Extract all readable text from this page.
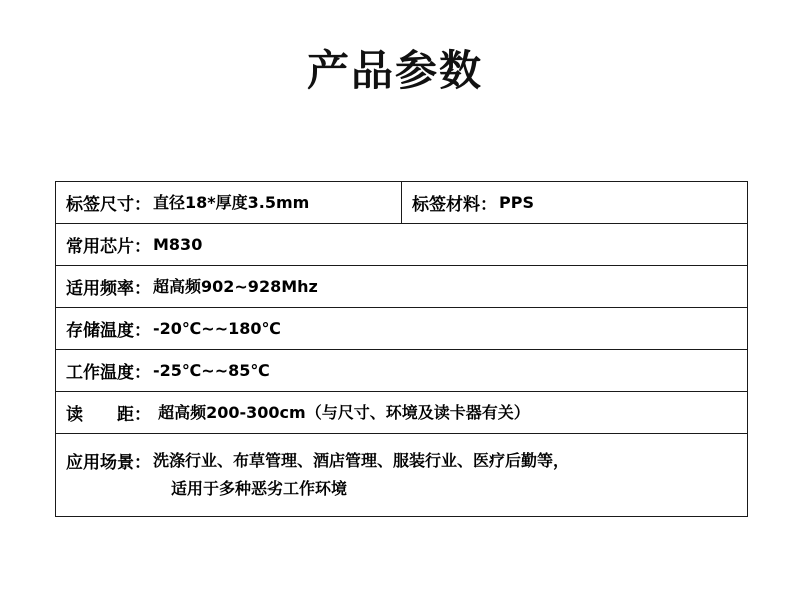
产品参数
标签尺寸： 直径18*厚度3.5mm	标签材料： PPS

常用芯片： M830

适用频率： 超高频902~928Mhz

存储温度： -20℃~~180℃

工作温度： -25℃~~85℃

读　　距： 超高频200-300cm（与尺寸、环境及读卡器有关）

应用场景： 洗涤行业、布草管理、酒店管理、服装行业、医疗后勤等，
适用于多种恶劣工作环境
